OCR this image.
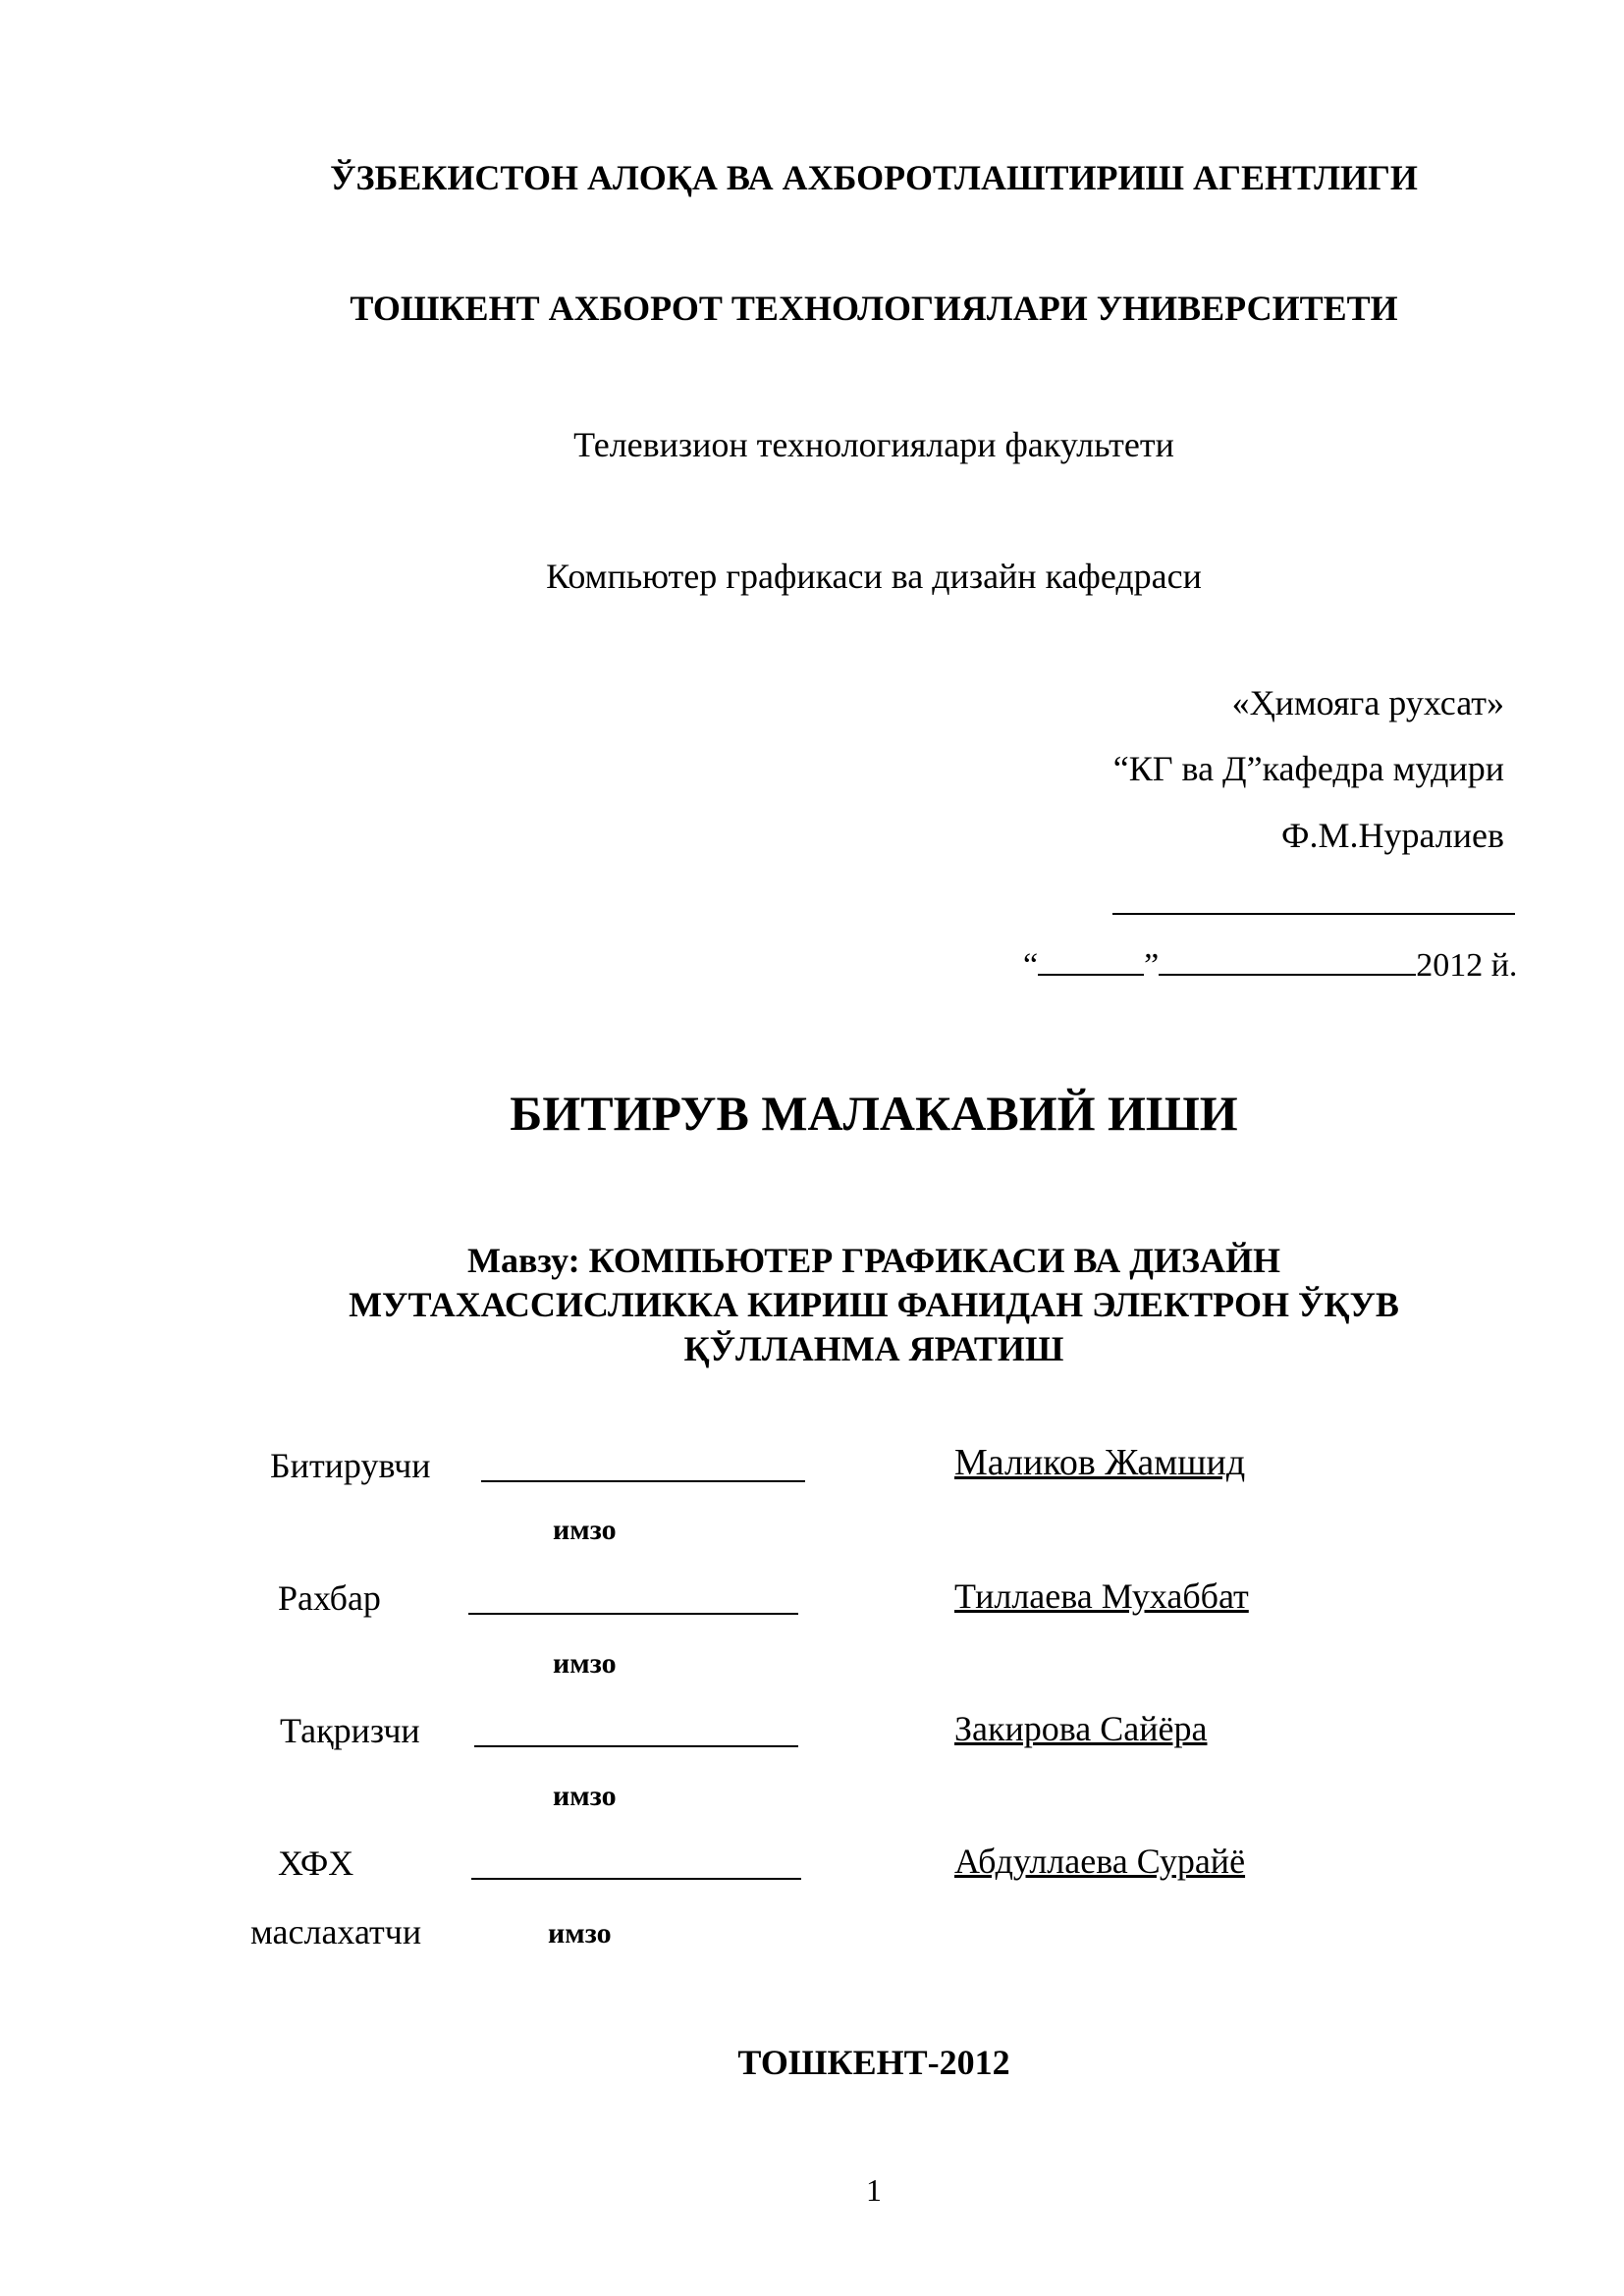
ЎЗБЕКИСТОН АЛОҚА ВА АХБОРОТЛАШТИРИШ АГЕНТЛИГИ
ТОШКЕНТ АХБОРОТ ТЕХНОЛОГИЯЛАРИ УНИВЕРСИТЕТИ
Телевизион технологиялари факультети
Компьютер графикаси ва дизайн кафедраси
«Ҳимояга рухсат»
“КГ ва Д”кафедра мудири
Ф.М.Нуралиев
“	”	2012 й.
БИТИРУВ МАЛАКАВИЙ ИШИ
Мавзу: КОМПЬЮТЕР ГРАФИКАСИ ВА ДИЗАЙН
МУТАХАССИСЛИККА КИРИШ ФАНИДАН ЭЛЕКТРОН ЎҚУВ
ҚЎЛЛАНМА ЯРАТИШ
Битирувчи	Маликов Жамшид
имзо
Рахбар	Тиллаева Мухаббат
имзо
Тақризчи	Закирова Сайёра
имзо
ХФХ	Абдуллаева Сурайё
маслахатчи	имзо
ТОШКЕНТ-2012
1
